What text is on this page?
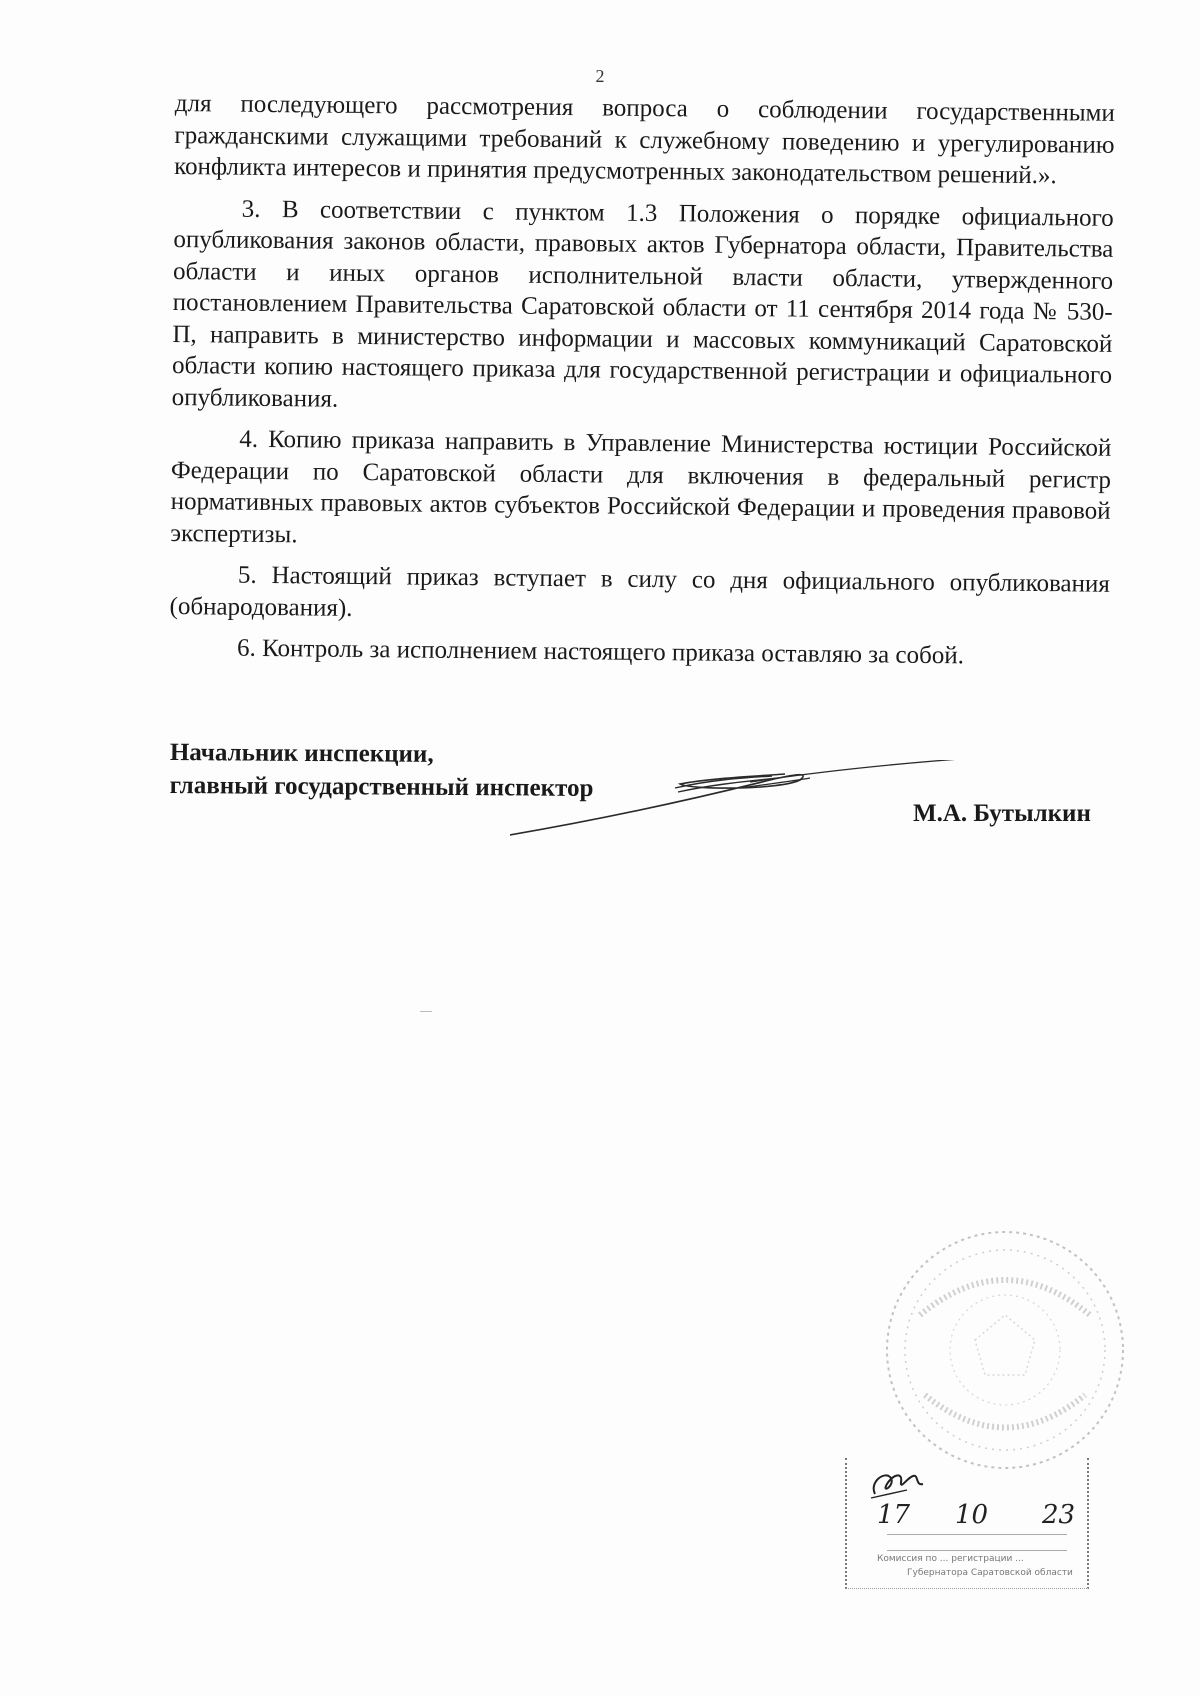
2

для последующего рассмотрения вопроса о соблюдении государственными гражданскими служащими требований к служебному поведению и урегулированию конфликта интересов и принятия предусмотренных законодательством решений.».

3. В соответствии с пунктом 1.3 Положения о порядке официального опубликования законов области, правовых актов Губернатора области, Правительства области и иных органов исполнительной власти области, утвержденного постановлением Правительства Саратовской области от 11 сентября 2014 года № 530-П, направить в министерство информации и массовых коммуникаций Саратовской области копию настоящего приказа для государственной регистрации и официального опубликования.

4. Копию приказа направить в Управление Министерства юстиции Российской Федерации по Саратовской области для включения в федеральный регистр нормативных правовых актов субъектов Российской Федерации и проведения правовой экспертизы.

5. Настоящий приказ вступает в силу со дня официального опубликования (обнародования).

6. Контроль за исполнением настоящего приказа оставляю за собой.

Начальник инспекции,
главный государственный инспектор
М.А. Бутылкин
17 10 23
Комиссия по ... регистрации ...
Губернатора Саратовской области
